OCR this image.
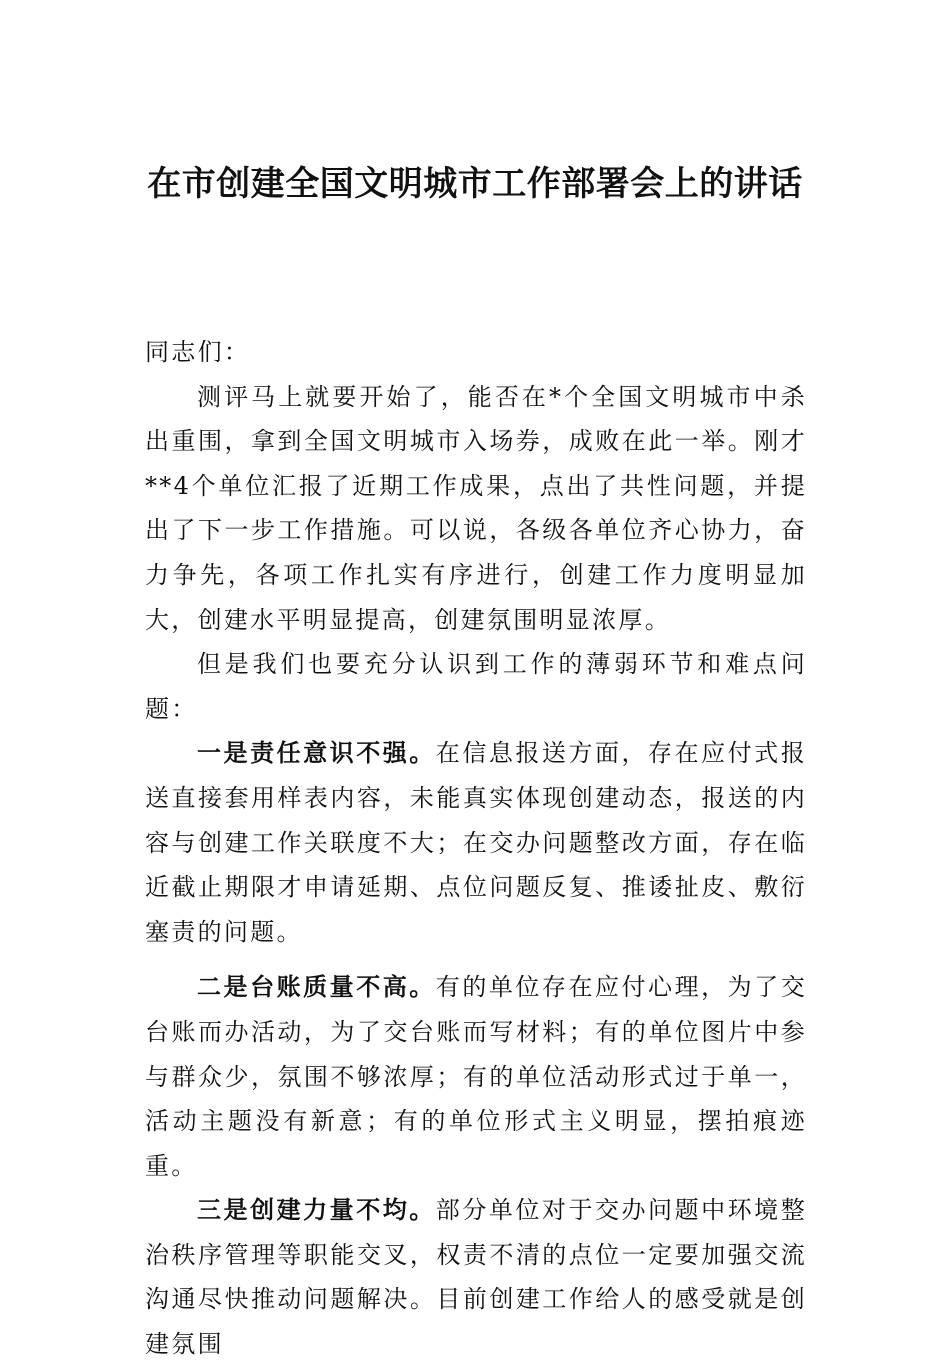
在市创建全国文明城市工作部署会上的讲话

同志们：

测评马上就要开始了，能否在*个全国文明城市中杀出重围，拿到全国文明城市入场券，成败在此一举。刚才**4个单位汇报了近期工作成果，点出了共性问题，并提出了下一步工作措施。可以说，各级各单位齐心协力，奋力争先，各项工作扎实有序进行，创建工作力度明显加大，创建水平明显提高，创建氛围明显浓厚。

但是我们也要充分认识到工作的薄弱环节和难点问题：

一是责任意识不强。在信息报送方面，存在应付式报送直接套用样表内容，未能真实体现创建动态，报送的内容与创建工作关联度不大；在交办问题整改方面，存在临近截止期限才申请延期、点位问题反复、推诿扯皮、敷衍塞责的问题。

二是台账质量不高。有的单位存在应付心理，为了交台账而办活动，为了交台账而写材料；有的单位图片中参与群众少，氛围不够浓厚；有的单位活动形式过于单一，活动主题没有新意；有的单位形式主义明显，摆拍痕迹重。

三是创建力量不均。部分单位对于交办问题中环境整治秩序管理等职能交叉，权责不清的点位一定要加强交流沟通尽快推动问题解决。目前创建工作给人的感受就是创建氛围
